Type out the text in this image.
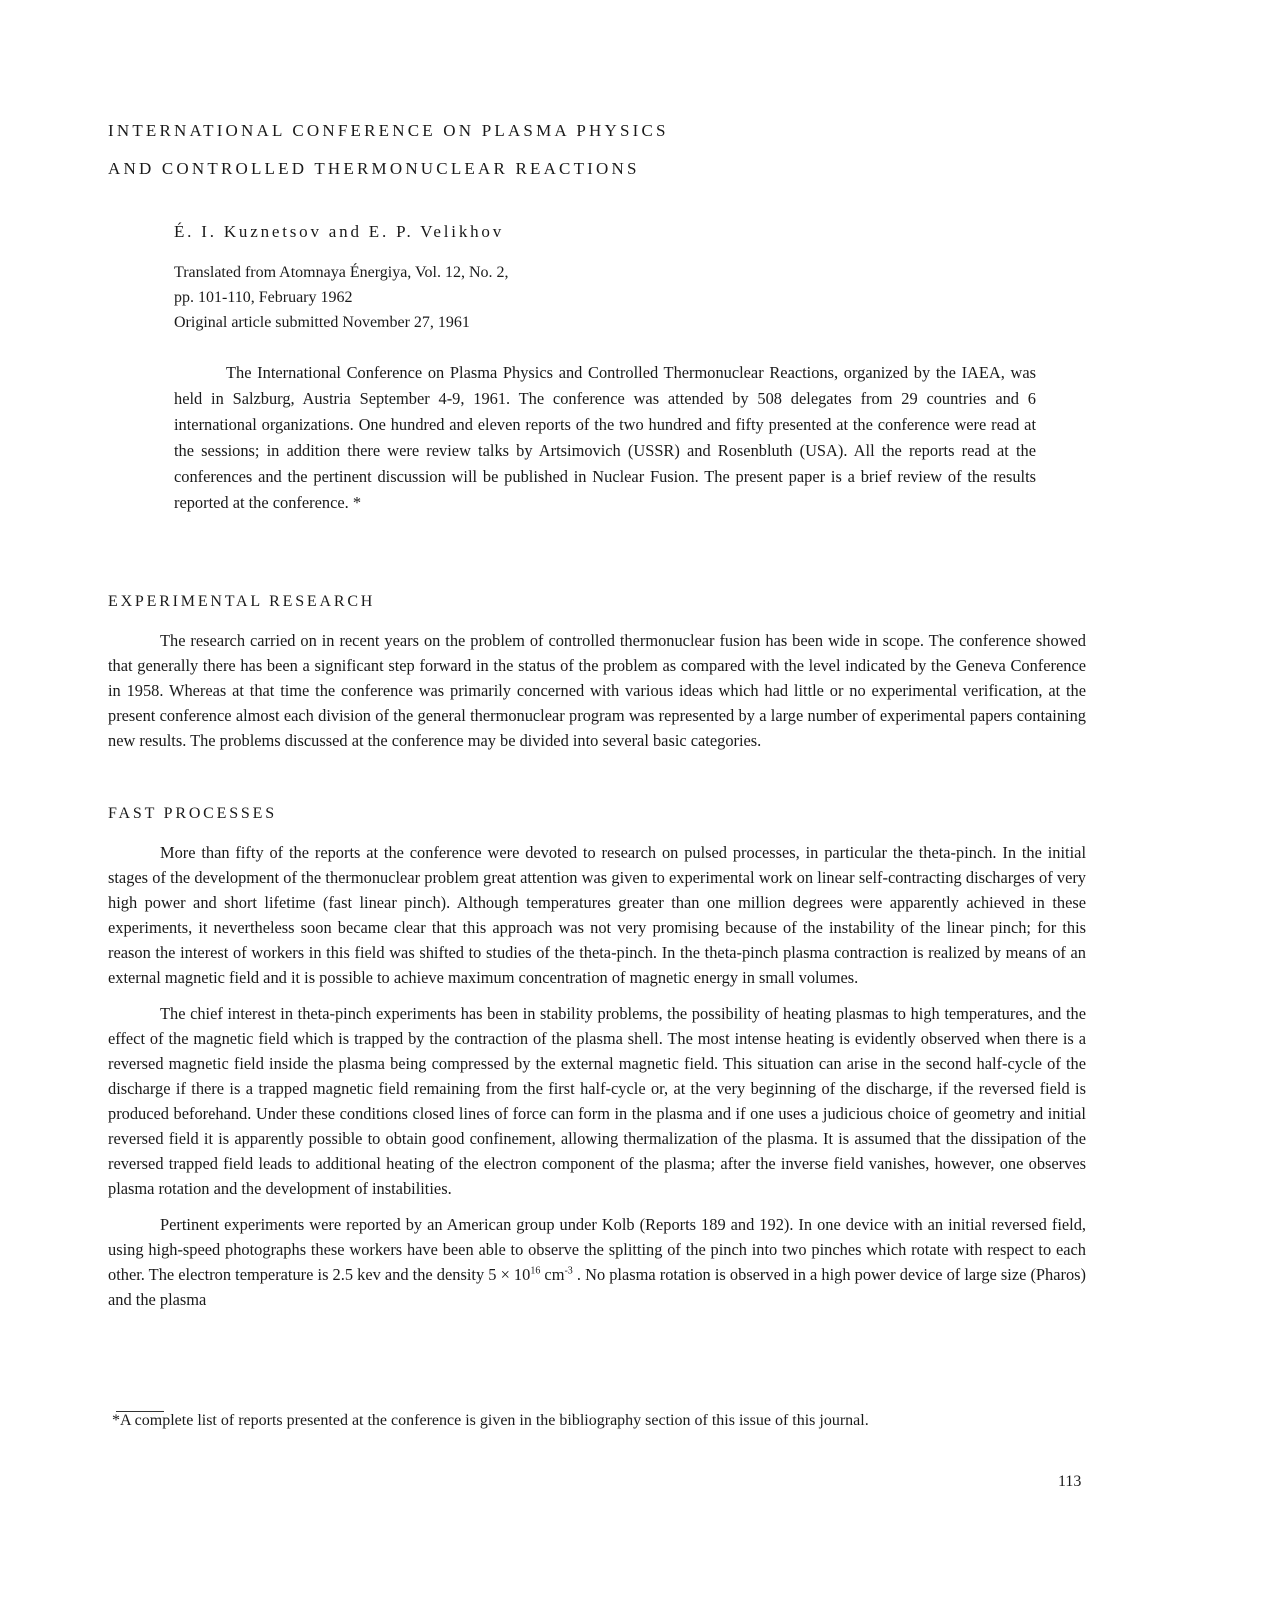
INTERNATIONAL CONFERENCE ON PLASMA PHYSICS
AND CONTROLLED THERMONUCLEAR REACTIONS
É. I. Kuznetsov and E. P. Velikhov
Translated from Atomnaya Énergiya, Vol. 12, No. 2,
pp. 101-110, February 1962
Original article submitted November 27, 1961
The International Conference on Plasma Physics and Controlled Thermonuclear Reactions, organized by the IAEA, was held in Salzburg, Austria September 4-9, 1961. The conference was attended by 508 delegates from 29 countries and 6 international organizations. One hundred and eleven reports of the two hundred and fifty presented at the conference were read at the sessions; in addition there were review talks by Artsimovich (USSR) and Rosenbluth (USA). All the reports read at the conferences and the pertinent discussion will be published in Nuclear Fusion. The present paper is a brief review of the results reported at the conference. *
EXPERIMENTAL RESEARCH

The research carried on in recent years on the problem of controlled thermonuclear fusion has been wide in scope. The conference showed that generally there has been a significant step forward in the status of the problem as compared with the level indicated by the Geneva Conference in 1958. Whereas at that time the conference was primarily concerned with various ideas which had little or no experimental verification, at the present conference almost each division of the general thermonuclear program was represented by a large number of experimental papers containing new results. The problems discussed at the conference may be divided into several basic categories.

FAST PROCESSES

More than fifty of the reports at the conference were devoted to research on pulsed processes, in particular the theta-pinch. In the initial stages of the development of the thermonuclear problem great attention was given to experimental work on linear self-contracting discharges of very high power and short lifetime (fast linear pinch). Although temperatures greater than one million degrees were apparently achieved in these experiments, it nevertheless soon became clear that this approach was not very promising because of the instability of the linear pinch; for this reason the interest of workers in this field was shifted to studies of the theta-pinch. In the theta-pinch plasma contraction is realized by means of an external magnetic field and it is possible to achieve maximum concentration of magnetic energy in small volumes.

The chief interest in theta-pinch experiments has been in stability problems, the possibility of heating plasmas to high temperatures, and the effect of the magnetic field which is trapped by the contraction of the plasma shell. The most intense heating is evidently observed when there is a reversed magnetic field inside the plasma being compressed by the external magnetic field. This situation can arise in the second half-cycle of the discharge if there is a trapped magnetic field remaining from the first half-cycle or, at the very beginning of the discharge, if the reversed field is produced beforehand. Under these conditions closed lines of force can form in the plasma and if one uses a judicious choice of geometry and initial reversed field it is apparently possible to obtain good confinement, allowing thermalization of the plasma. It is assumed that the dissipation of the reversed trapped field leads to additional heating of the electron component of the plasma; after the inverse field vanishes, however, one observes plasma rotation and the development of instabilities.

Pertinent experiments were reported by an American group under Kolb (Reports 189 and 192). In one device with an initial reversed field, using high-speed photographs these workers have been able to observe the splitting of the pinch into two pinches which rotate with respect to each other. The electron temperature is 2.5 kev and the density $5 \times 10^{16}$ $cm^{-3}$ . No plasma rotation is observed in a high power device of large size (Pharos) and the plasma

*A complete list of reports presented at the conference is given in the bibliography section of this issue of this journal.
113
